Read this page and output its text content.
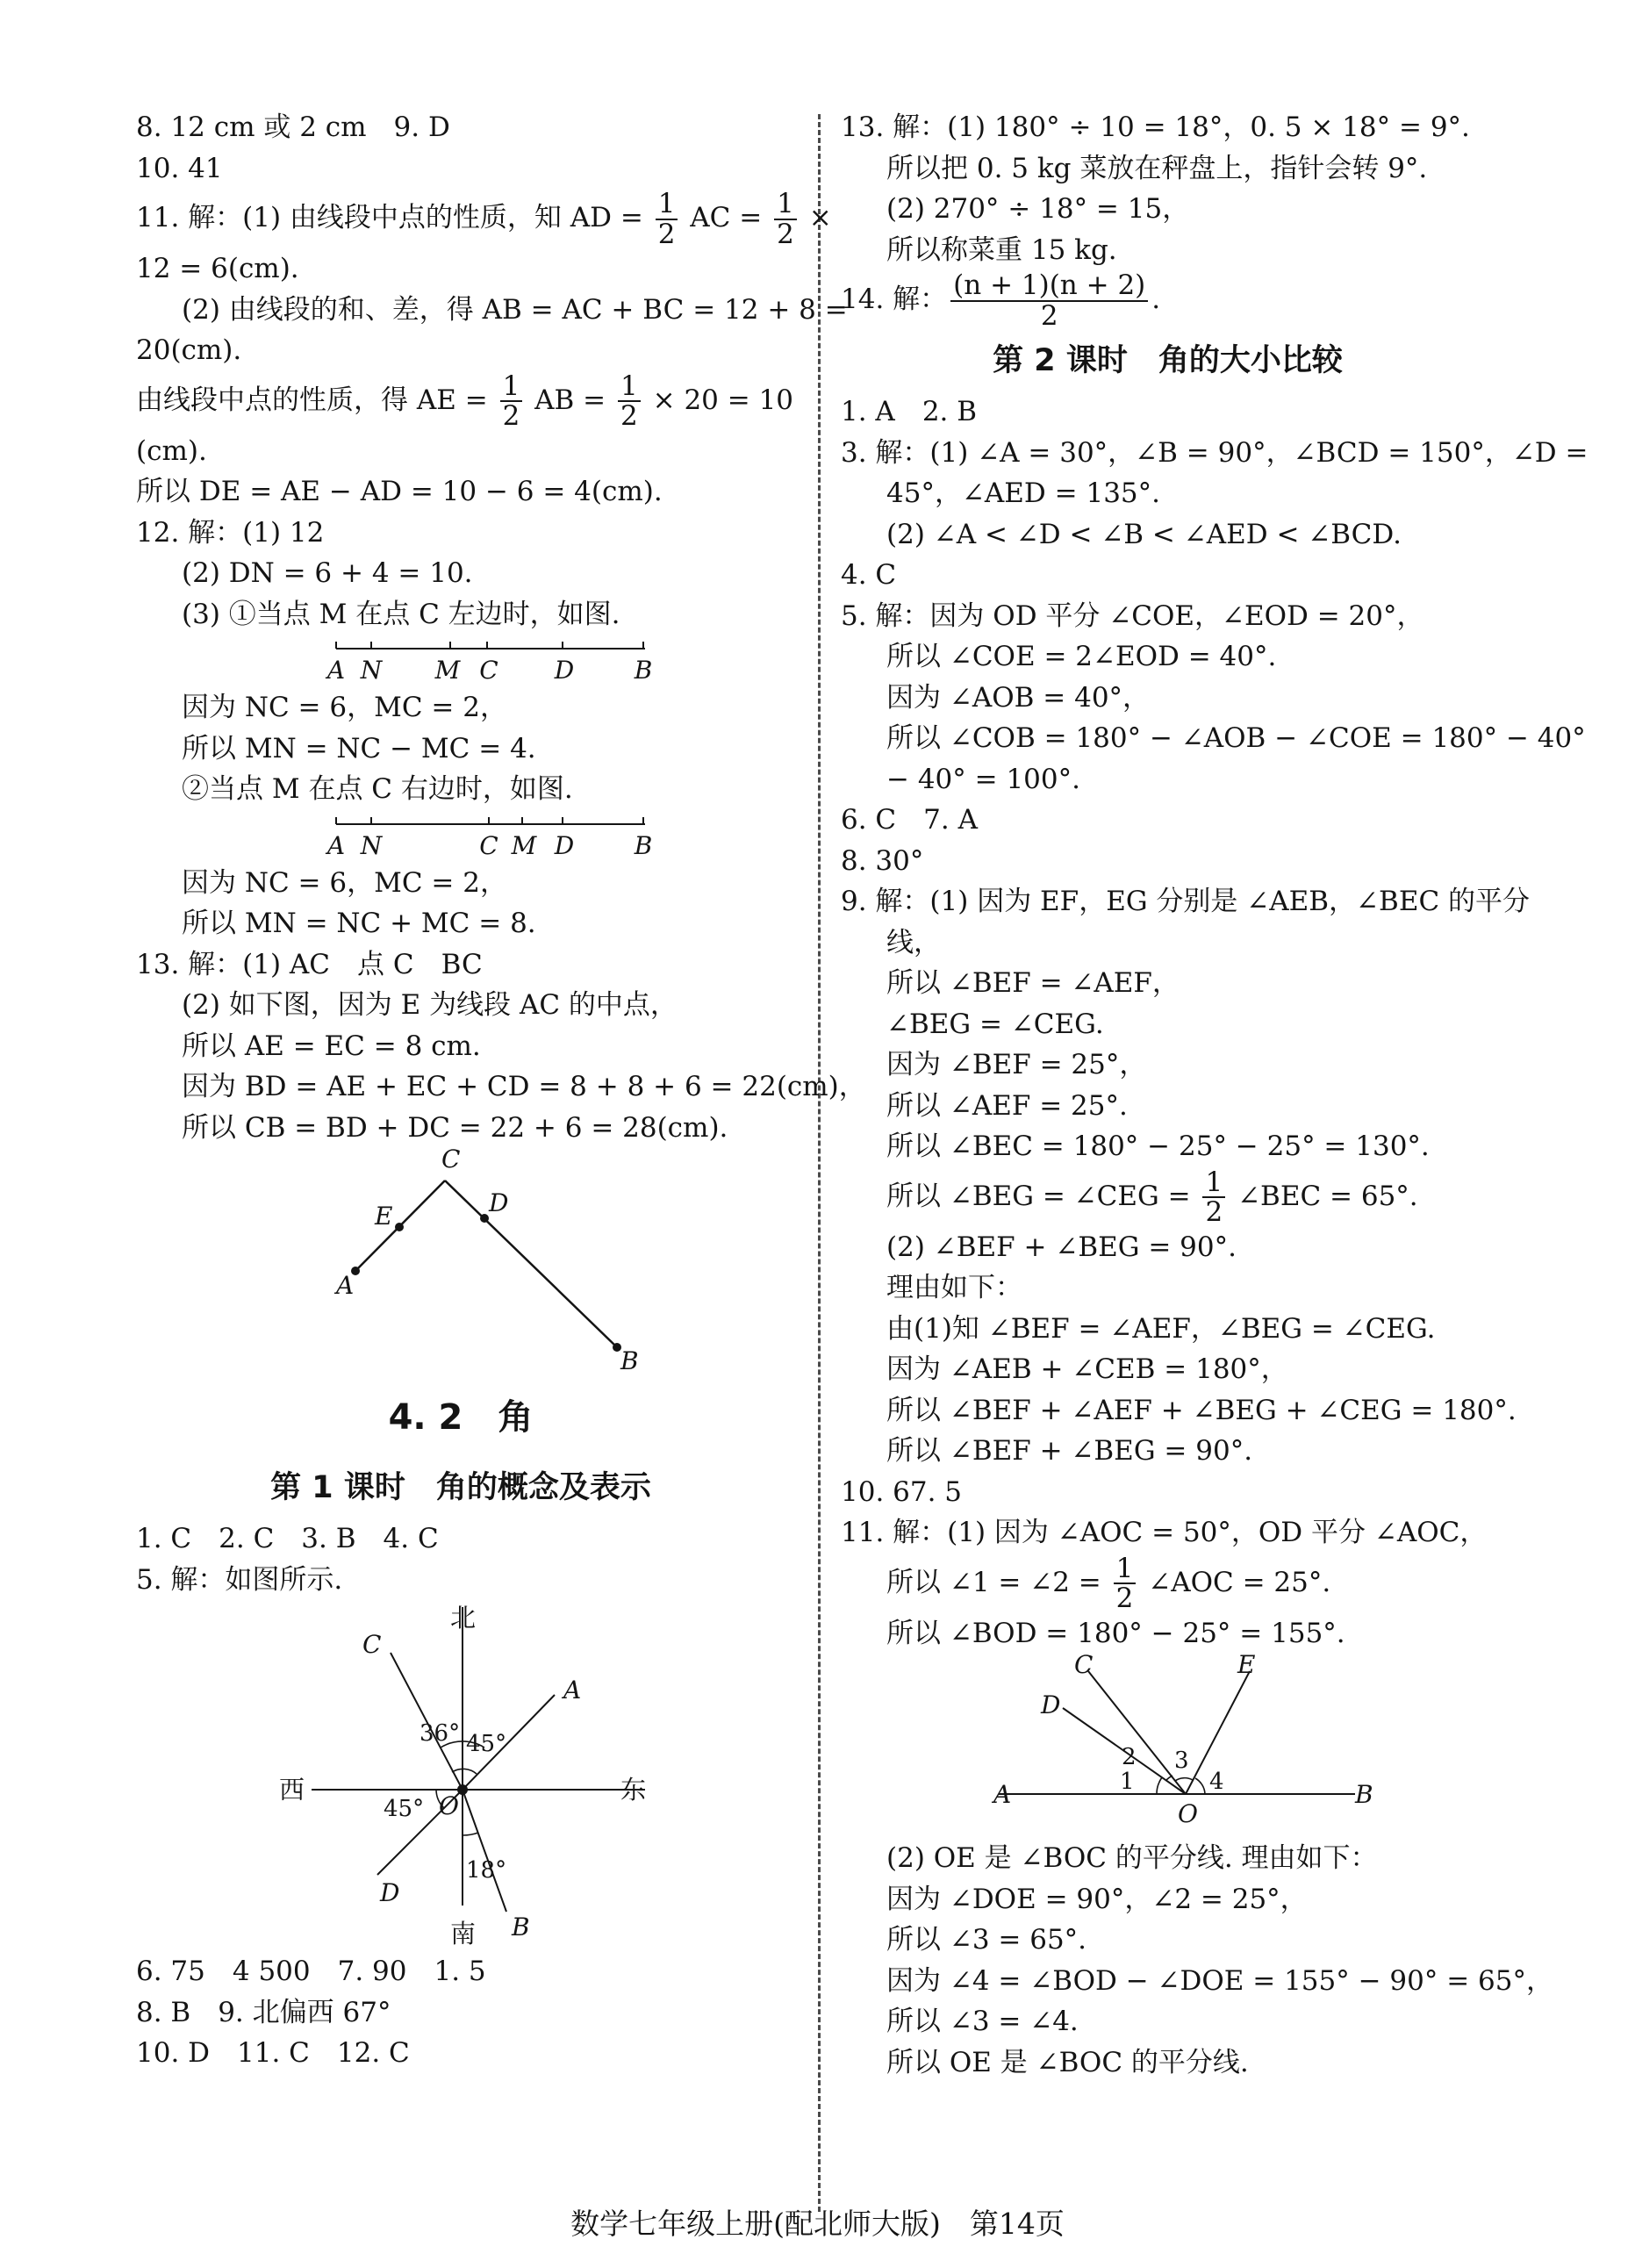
8. 12 cm 或 2 cm　9. D
10. 41
11. 解：(1) 由线段中点的性质，知 AD = $\frac{1}{2}$ AC = $\frac{1}{2}$ ×
12 = 6(cm).
(2) 由线段的和、差，得 AB = AC + BC = 12 + 8 =
20(cm).
由线段中点的性质，得 AE = $\frac{1}{2}$ AB = $\frac{1}{2} \times 20 = 10$
(cm).
所以 DE = AE − AD = 10 − 6 = 4(cm).
12. 解：(1) 12
(2) DN = 6 + 4 = 10.
(3) ①当点 M 在点 C 左边时，如图.
A N M C D B
因为 NC = 6，MC = 2，
所以 MN = NC − MC = 4.
②当点 M 在点 C 右边时，如图.
A N	C M D B
因为 NC = 6，MC = 2，
所以 MN = NC + MC = 8.
13. 解：(1) AC　点 C　BC
(2) 如下图，因为 E 为线段 AC 的中点，
所以 AE = EC = 8 cm.
因为 BD = AE + EC + CD = 8 + 8 + 6 = 22(cm)，
所以 CB = BD + DC = 22 + 6 = 28(cm).
C
E	D
A
B
4. 2　角
第 1 课时　角的概念及表示
1. C　2. C　3. B　4. C
5. 解：如图所示.
北
南
西	东
C
A
D
B
O
36° 45°
45°
18°
6. 75　4 500　7. 90　1. 5
8. B　9. 北偏西 67°
10. D　11. C　12. C
13. 解：(1) 180° ÷ 10 = 18°，0. 5 × 18° = 9°.
所以把 0. 5 kg 菜放在秤盘上，指针会转 9°.
(2) 270° ÷ 18° = 15，
所以称菜重 15 kg.
14. 解： $\frac{(n + 1)(n + 2)}{2}$ .
第 2 课时　角的大小比较
1. A　2. B
3. 解：(1) ∠A = 30°，∠B = 90°，∠BCD = 150°，∠D =
45°，∠AED = 135°.
(2) ∠A < ∠D < ∠B < ∠AED < ∠BCD.
4. C
5. 解：因为 OD 平分 ∠COE，∠EOD = 20°，
所以 ∠COE = 2∠EOD = 40°.
因为 ∠AOB = 40°，
所以 ∠COB = 180° − ∠AOB − ∠COE = 180° − 40°
− 40° = 100°.
6. C　7. A
8. 30°
9. 解：(1) 因为 EF，EG 分别是 ∠AEB，∠BEC 的平分
线，
所以 ∠BEF = ∠AEF，
∠BEG = ∠CEG.
因为 ∠BEF = 25°，
所以 ∠AEF = 25°.
所以 ∠BEC = 180° − 25° − 25° = 130°.
所以 ∠BEG = ∠CEG = $\frac{1}{2}$ ∠BEC = 65°.
(2) ∠BEF + ∠BEG = 90°.
理由如下：
由(1)知 ∠BEF = ∠AEF，∠BEG = ∠CEG.
因为 ∠AEB + ∠CEB = 180°，
所以 ∠BEF + ∠AEF + ∠BEG + ∠CEG = 180°.
所以 ∠BEF + ∠BEG = 90°.
10. 67. 5
11. 解：(1) 因为 ∠AOC = 50°，OD 平分 ∠AOC，
所以 ∠1 = ∠2 = $\frac{1}{2}$ ∠AOC = 25°.
所以 ∠BOD = 180° − 25° = 155°.
C	E
D
A	B
O
1
2 3
4
(2) OE 是 ∠BOC 的平分线. 理由如下：
因为 ∠DOE = 90°，∠2 = 25°，
所以 ∠3 = 65°.
因为 ∠4 = ∠BOD − ∠DOE = 155° − 90° = 65°，
所以 ∠3 = ∠4.
所以 OE 是 ∠BOC 的平分线.
数学七年级上册(配北师大版)　第14页
